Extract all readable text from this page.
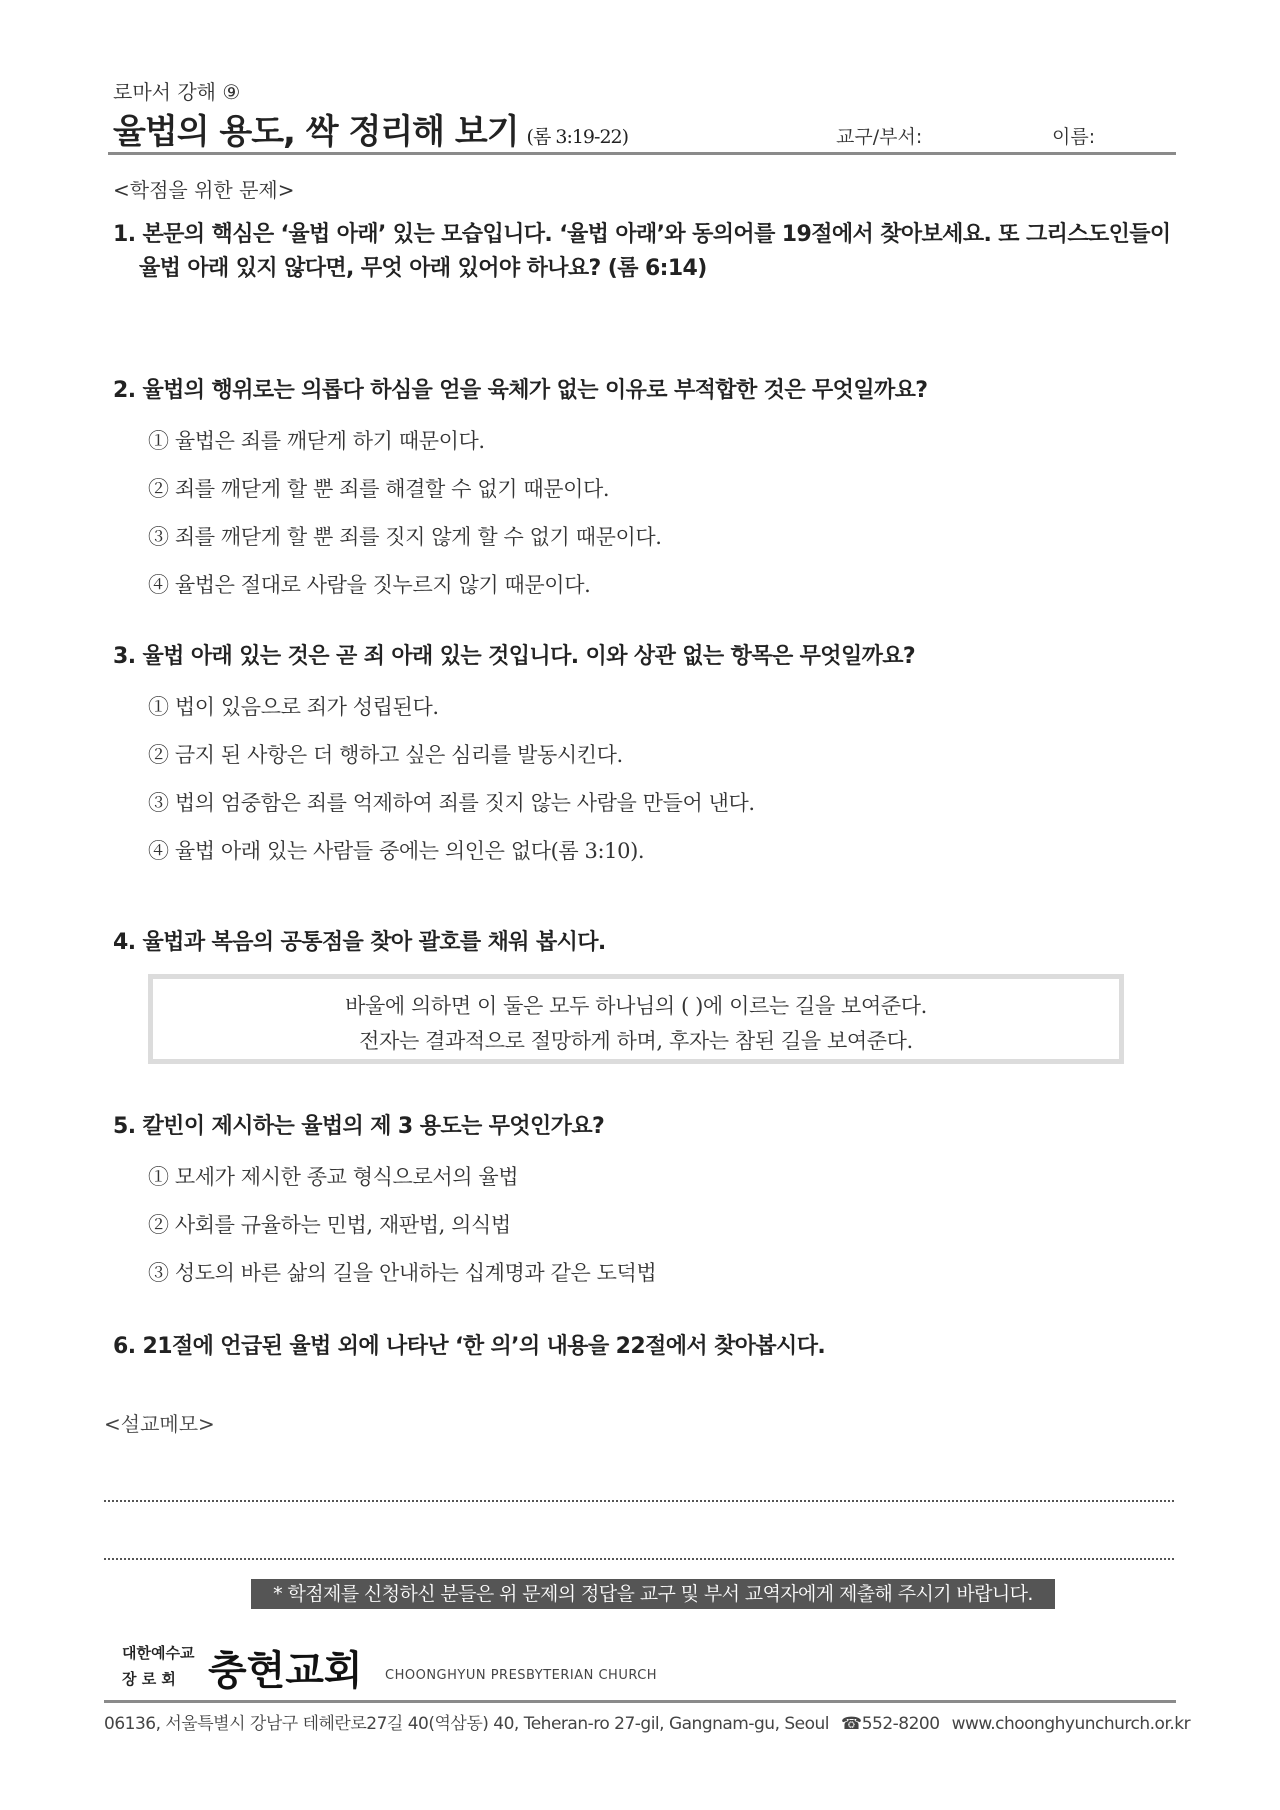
로마서 강해 ⑨
율법의 용도, 싹 정리해 보기 (롬 3:19-22)	교구/부서:	이름:
<학점을 위한 문제>
1. 본문의 핵심은 ‘율법 아래’ 있는 모습입니다. ‘율법 아래’와 동의어를 19절에서 찾아보세요. 또 그리스도인들이
율법 아래 있지 않다면, 무엇 아래 있어야 하나요? (롬 6:14)
2. 율법의 행위로는 의롭다 하심을 얻을 육체가 없는 이유로 부적합한 것은 무엇일까요?
① 율법은 죄를 깨닫게 하기 때문이다.
② 죄를 깨닫게 할 뿐 죄를 해결할 수 없기 때문이다.
③ 죄를 깨닫게 할 뿐 죄를 짓지 않게 할 수 없기 때문이다.
④ 율법은 절대로 사람을 짓누르지 않기 때문이다.
3. 율법 아래 있는 것은 곧 죄 아래 있는 것입니다. 이와 상관 없는 항목은 무엇일까요?
① 법이 있음으로 죄가 성립된다.
② 금지 된 사항은 더 행하고 싶은 심리를 발동시킨다.
③ 법의 엄중함은 죄를 억제하여 죄를 짓지 않는 사람을 만들어 낸다.
④ 율법 아래 있는 사람들 중에는 의인은 없다(롬 3:10).
4. 율법과 복음의 공통점을 찾아 괄호를 채워 봅시다.
바울에 의하면 이 둘은 모두 하나님의 ( )에 이르는 길을 보여준다.
전자는 결과적으로 절망하게 하며, 후자는 참된 길을 보여준다.
5. 칼빈이 제시하는 율법의 제 3 용도는 무엇인가요?
① 모세가 제시한 종교 형식으로서의 율법
② 사회를 규율하는 민법, 재판법, 의식법
③ 성도의 바른 삶의 길을 안내하는 십계명과 같은 도덕법
6. 21절에 언급된 율법 외에 나타난 ‘한 의’의 내용을 22절에서 찾아봅시다.
<설교메모>
* 학점제를 신청하신 분들은 위 문제의 정답을 교구 및 부서 교역자에게 제출해 주시기 바랍니다.
대한예수교
장 로 회 충현교회 CHOONGHYUN PRESBYTERIAN CHURCH
06136, 서울특별시 강남구 테헤란로27길 40(역삼동) 40, Teheran-ro 27-gil, Gangnam-gu, Seoul ☎552-8200 www.choonghyunchurch.or.kr
